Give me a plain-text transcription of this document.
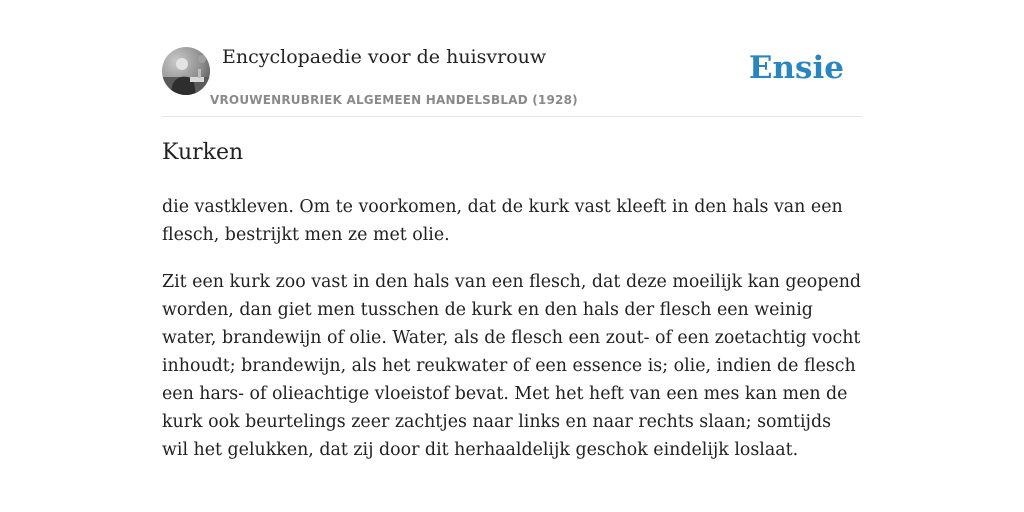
Encyclopaedie voor de huisvrouw
VROUWENRUBRIEK ALGEMEEN HANDELSBLAD (1928)
Ensie
Kurken

die vastkleven. Om te voorkomen, dat de kurk vast kleeft in den hals van een flesch, bestrijkt men ze met olie.

Zit een kurk zoo vast in den hals van een flesch, dat deze moeilijk kan geopend worden, dan giet men tusschen de kurk en den hals der flesch een weinig water, brandewijn of olie. Water, als de flesch een zout- of een zoetachtig vocht inhoudt; brandewijn, als het reukwater of een essence is; olie, indien de flesch een hars- of olieachtige vloeistof bevat. Met het heft van een mes kan men de kurk ook beurtelings zeer zachtjes naar links en naar rechts slaan; somtijds wil het gelukken, dat zij door dit herhaaldelijk geschok eindelijk loslaat.
